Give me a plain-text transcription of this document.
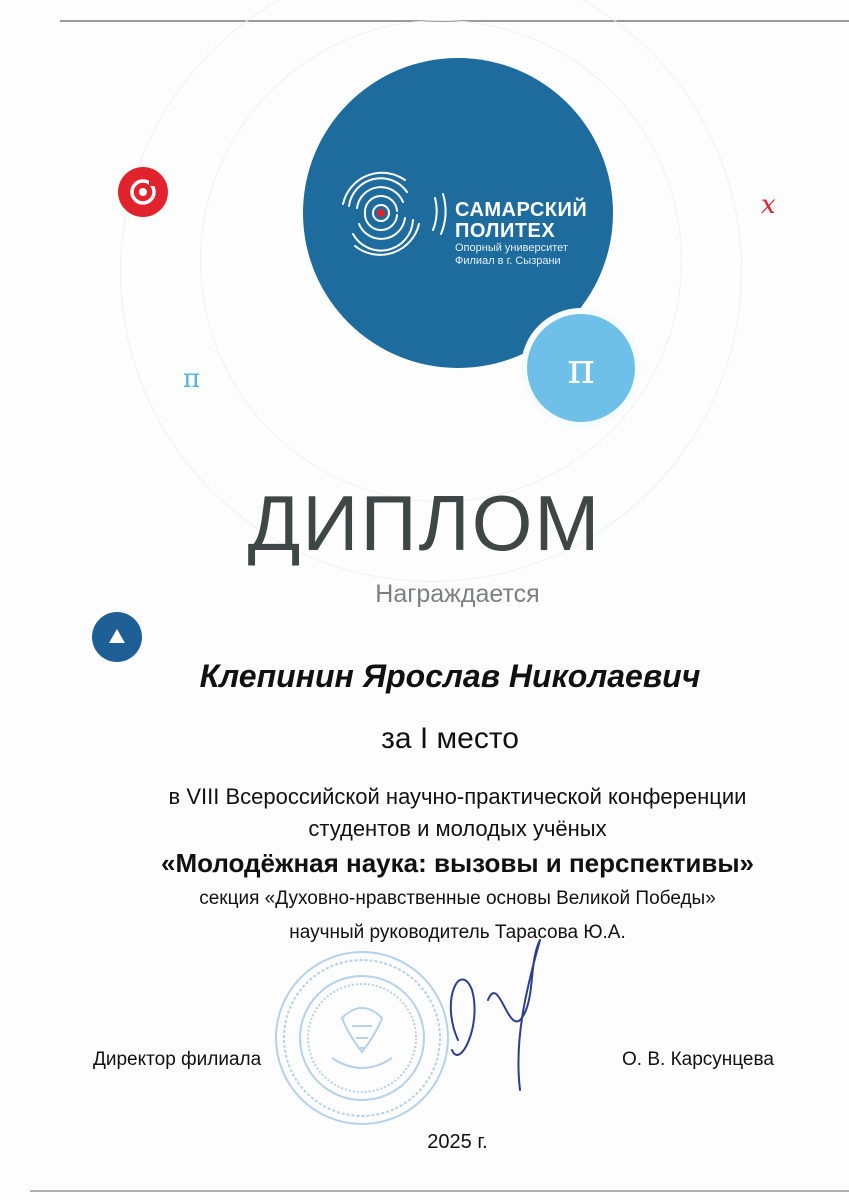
x
π
САМАРСКИЙ
ПОЛИТЕХ
Опорный университет
Филиал в г. Сызрани
π
ДИПЛОМ
Награждается
Клепинин Ярослав Николаевич
за I место
в VIII Всероссийской научно-практической конференции
студентов и молодых учёных
«Молодёжная наука: вызовы и перспективы»
секция «Духовно-нравственные основы Великой Победы»
научный руководитель Тарасова Ю.А.
Директор филиала	О. В. Карсунцева
2025 г.
